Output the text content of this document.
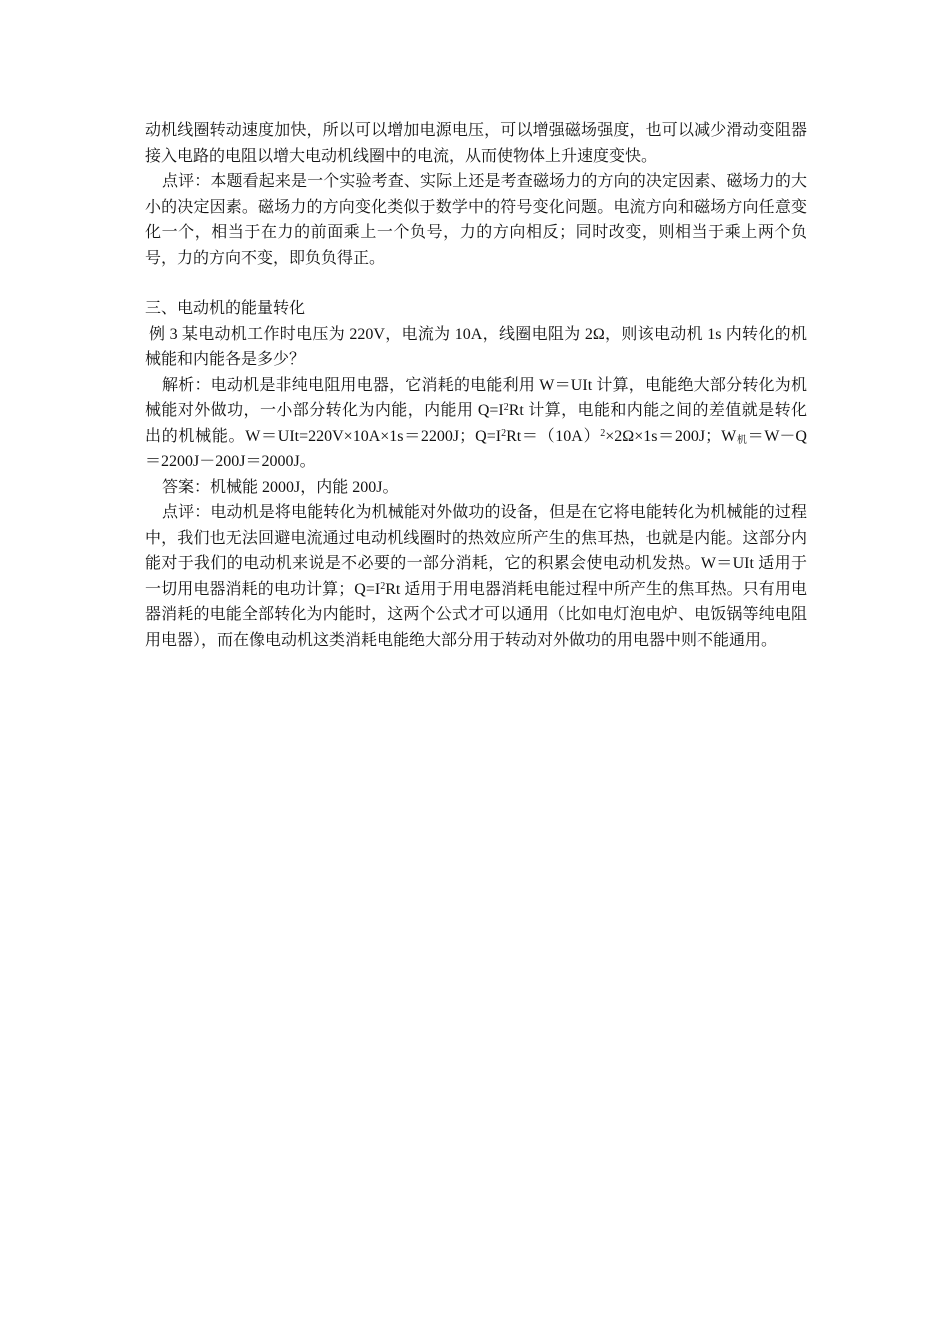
动机线圈转动速度加快，所以可以增加电源电压，可以增强磁场强度，也可以减少滑动变阻器接入电路的电阻以增大电动机线圈中的电流，从而使物体上升速度变快。

点评：本题看起来是一个实验考查、实际上还是考查磁场力的方向的决定因素、磁场力的大小的决定因素。磁场力的方向变化类似于数学中的符号变化问题。电流方向和磁场方向任意变化一个，相当于在力的前面乘上一个负号，力的方向相反；同时改变，则相当于乘上两个负号，力的方向不变，即负负得正。

三、电动机的能量转化

例 3 某电动机工作时电压为 220V，电流为 10A，线圈电阻为 2Ω，则该电动机 1s 内转化的机械能和内能各是多少？

解析：电动机是非纯电阻用电器，它消耗的电能利用 W＝UIt 计算，电能绝大部分转化为机械能对外做功，一小部分转化为内能，内能用 $Q=I^2Rt$ 计算，电能和内能之间的差值就是转化出的机械能。W＝UIt=220V×10A×1s＝2200J；$Q=I^2Rt=(10A)^2\times 2\Omega\times 1s=200J$；$W_机=W-Q=2200J-200J=2000J$。

答案：机械能 2000J，内能 200J。

点评：电动机是将电能转化为机械能对外做功的设备，但是在它将电能转化为机械能的过程中，我们也无法回避电流通过电动机线圈时的热效应所产生的焦耳热，也就是内能。这部分内能对于我们的电动机来说是不必要的一部分消耗，它的积累会使电动机发热。W＝UIt 适用于一切用电器消耗的电功计算；$Q=I^2Rt$ 适用于用电器消耗电能过程中所产生的焦耳热。只有用电器消耗的电能全部转化为内能时，这两个公式才可以通用（比如电灯泡电炉、电饭锅等纯电阻用电器），而在像电动机这类消耗电能绝大部分用于转动对外做功的用电器中则不能通用。
